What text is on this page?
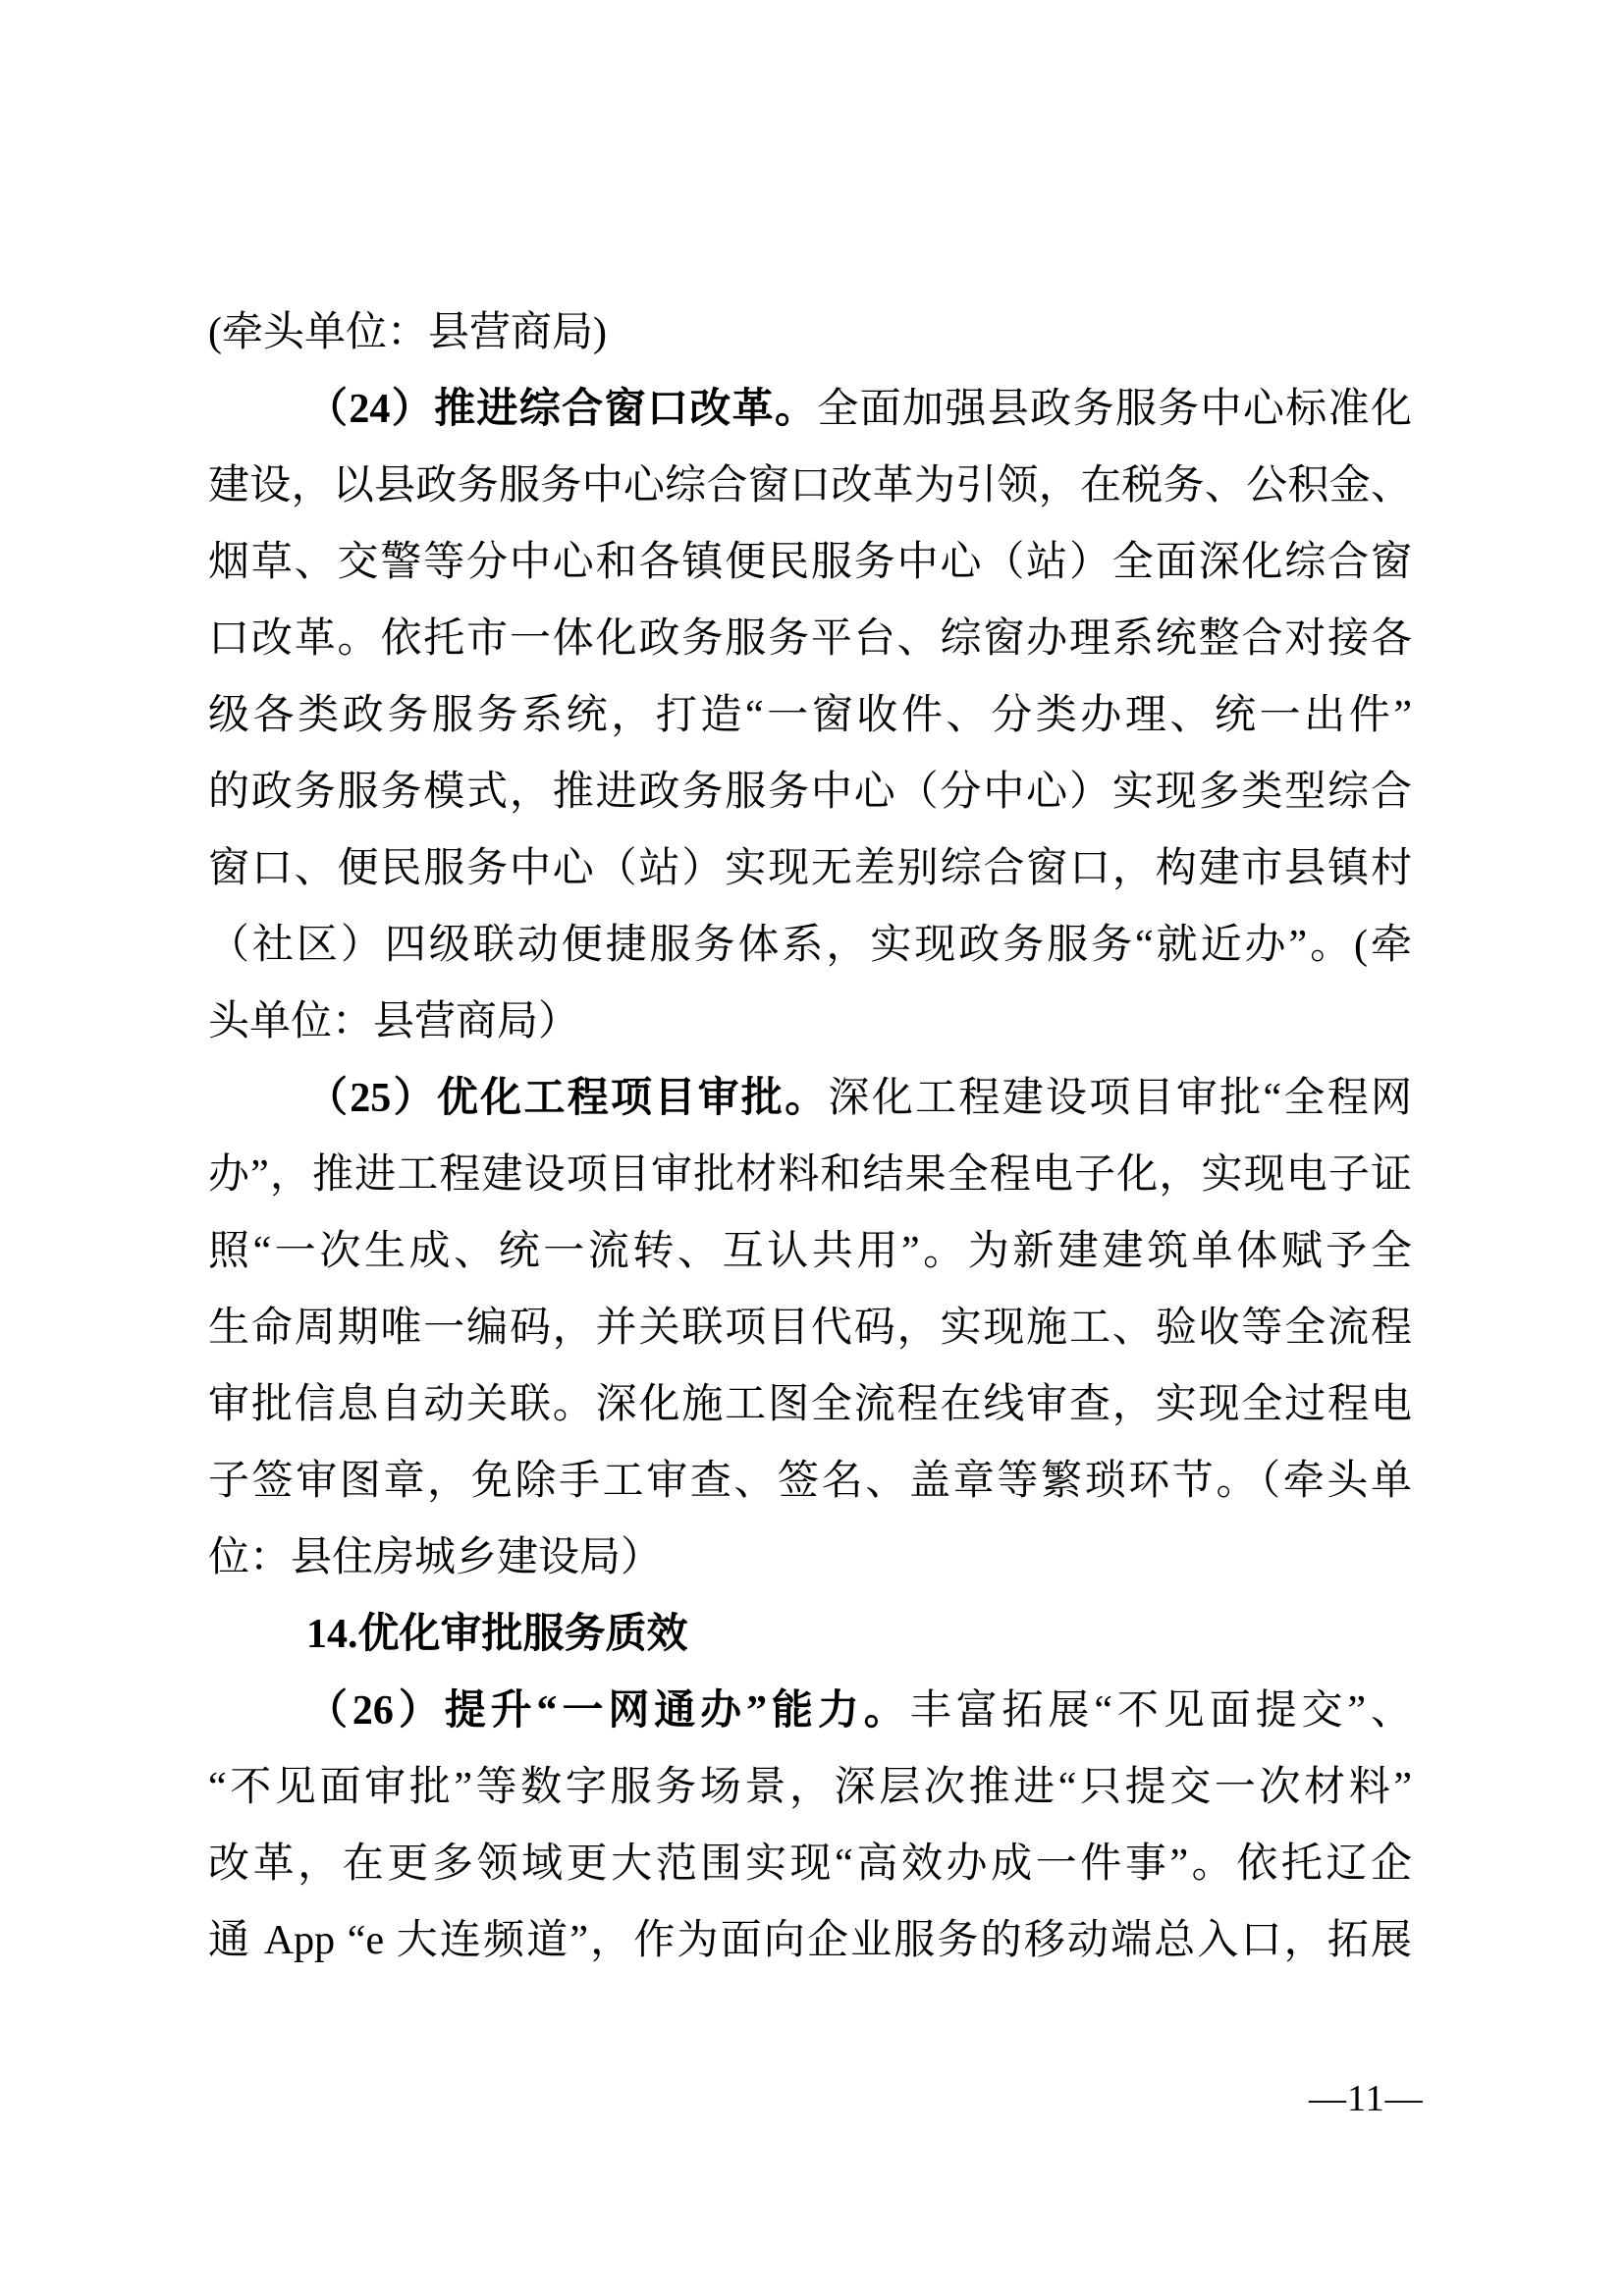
(牵头单位：县营商局)
（24）推进综合窗口改革。全面加强县政务服务中心标准化
建设，以县政务服务中心综合窗口改革为引领，在税务、公积金、
烟草、交警等分中心和各镇便民服务中心（站）全面深化综合窗
口改革。依托市一体化政务服务平台、综窗办理系统整合对接各
级各类政务服务系统，打造“一窗收件、分类办理、统一出件”
的政务服务模式，推进政务服务中心（分中心）实现多类型综合
窗口、便民服务中心（站）实现无差别综合窗口，构建市县镇村
（社区）四级联动便捷服务体系，实现政务服务“就近办”。(牵
头单位：县营商局）
（25）优化工程项目审批。深化工程建设项目审批“全程网
办”，推进工程建设项目审批材料和结果全程电子化，实现电子证
照“一次生成、统一流转、互认共用”。为新建建筑单体赋予全
生命周期唯一编码，并关联项目代码，实现施工、验收等全流程
审批信息自动关联。深化施工图全流程在线审查，实现全过程电
子签审图章，免除手工审查、签名、盖章等繁琐环节。（牵头单
位：县住房城乡建设局）
14.优化审批服务质效
（26）提升“一网通办”能力。丰富拓展“不见面提交”、
“不见面审批”等数字服务场景，深层次推进“只提交一次材料”
改革，在更多领域更大范围实现“高效办成一件事”。依托辽企
通 App “e 大连频道”，作为面向企业服务的移动端总入口，拓展
—11—
